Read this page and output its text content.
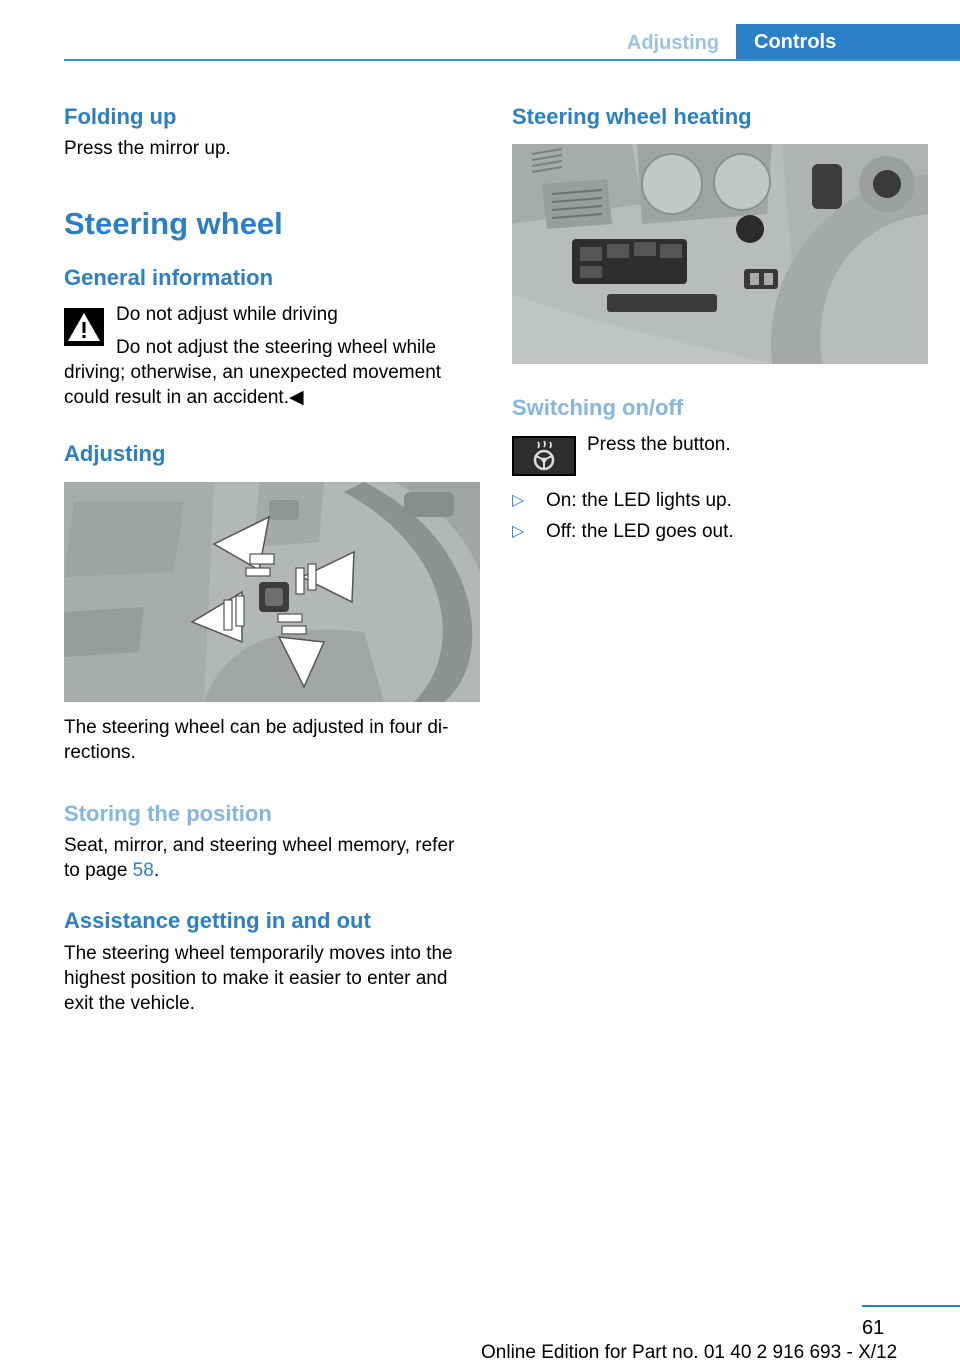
Adjusting	Controls
Folding up
Press the mirror up.
Steering wheel
General information
Do not adjust while driving
Do not adjust the steering wheel while
driving; otherwise, an unexpected movement
could result in an accident.◀
Adjusting
The steering wheel can be adjusted in four di-
rections.
Storing the position
Seat, mirror, and steering wheel memory, refer
to page 58.
Assistance getting in and out
The steering wheel temporarily moves into the
highest position to make it easier to enter and
exit the vehicle.
Steering wheel heating
Switching on/off
Press the button.
▷ On: the LED lights up.
▷ Off: the LED goes out.
61
Online Edition for Part no. 01 40 2 916 693 - X/12
